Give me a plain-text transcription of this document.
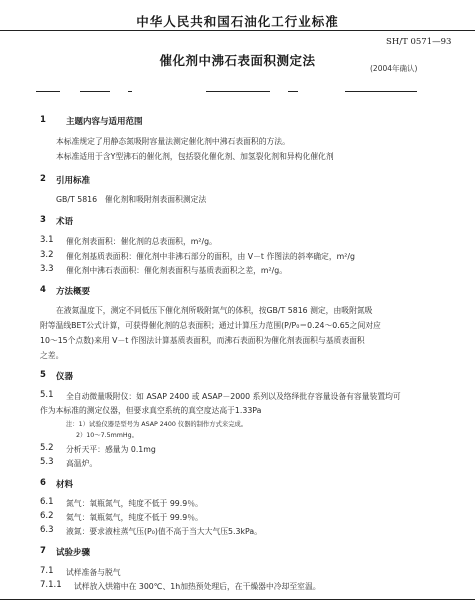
中华人民共和国石油化工行业标准
SH/T 0571—93
催化剂中沸石表面积测定法
(2004年确认)
1 主题内容与适用范围
本标准规定了用静态氮吸附容量法测定催化剂中沸石表面积的方法。
本标准适用于含Y型沸石的催化剂，包括裂化催化剂、加氢裂化剂和异构化催化剂
2 引用标准
GB/T 5816　催化剂和吸附剂表面积测定法
3 术语
3.1 催化剂表面积：催化剂的总表面积，m²/g。
3.2 催化剂基质表面积：催化剂中非沸石部分的面积，由 V－t 作图法的斜率确定，m²/g
3.3 催化剂中沸石表面积：催化剂表面积与基质表面积之差，m²/g。
4 方法概要
在液氮温度下，测定不同低压下催化剂所吸附氮气的体积，按GB/T 5816 测定，由吸附氮吸
附等温线BET公式计算，可获得催化剂的总表面积；通过计算压力范围(P/P₀＝0.24～0.65之间对应
10～15个点数)来用 V－t 作图法计算基质表面积，而沸石表面积为催化剂表面积与基质表面积
之差。
5 仪器
5.1 全自动微量吸附仪：如 ASAP 2400 或 ASAP－2000 系列以及络绎批存容量设备有容量装置均可
作为本标准的测定仪器，但要求真空系统的真空度达高于1.33Pa
注：1）试验仪器是型号为 ASAP 2400 仪器的制作方式来完成。
2）10～7.5mmHg。
5.2 分析天平：感量为 0.1mg
5.3 高温炉。
6 材料
6.1 氮气：氧瓶氮气，纯度不低于 99.9％。
6.2 氦气：氧瓶氦气，纯度不低于 99.9％。
6.3 液氮：要求液柱蒸气压(P₀)值不高于当大大气压5.3kPa。
7 试验步骤
7.1 试样准备与脱气
7.1.1 试样放入烘箱中在 300℃、1h加热预处理后，在干燥器中冷却至室温。
